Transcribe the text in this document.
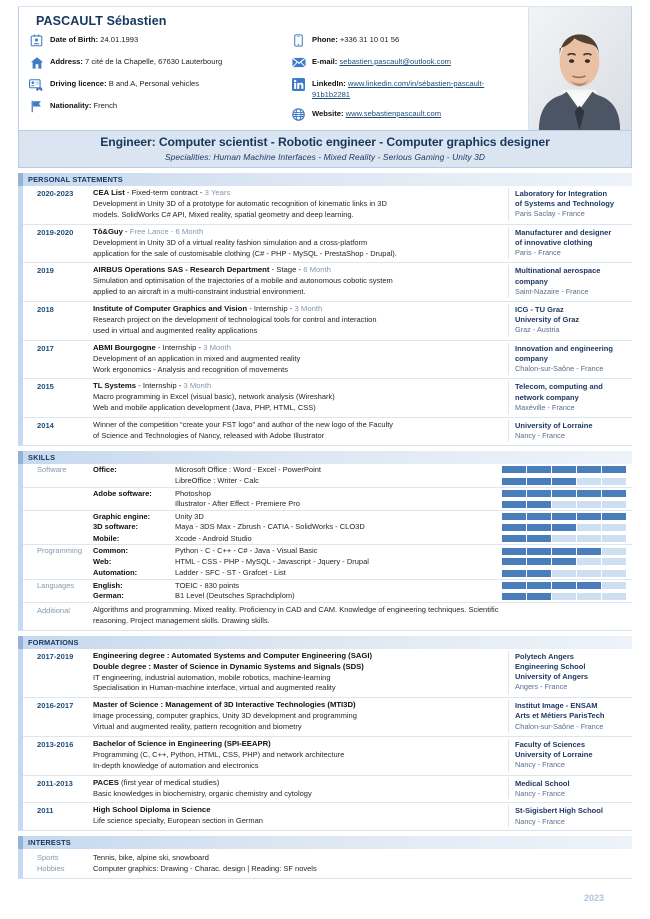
PASCAULT Sébastien
Date of Birth: 24.01.1993
Address: 7 cité de la Chapelle, 67630 Lauterbourg
Driving licence: B and A, Personal vehicles
Nationality: French
Phone: +336 31 10 01 56
E-mail: sebastien.pascault@outlook.com
LinkedIn: www.linkedin.com/in/sébastien-pascault-91b1b2281
Website: www.sebastienpascault.com
Engineer: Computer scientist - Robotic engineer - Computer graphics designer
Specialities: Human Machine Interfaces - Mixed Reality - Serious Gaming - Unity 3D
PERSONAL STATEMENTS
2020-2023	CEA List - Fixed-term contract - 3 Years
Development in Unity 3D of a prototype for automatic recognition of kinematic links in 3D
models. SolidWorks C# API, Mixed reality, spatial geometry and deep learning.
Laboratory for Integration
of Systems and Technology
Paris Saclay - France
2019-2020	Tô&Guy - Free Lance - 6 Month
Development in Unity 3D of a virtual reality fashion simulation and a cross-platform
application for the sale of customisable clothing (C# - PHP - MySQL - PrestaShop - Drupal).
Manufacturer and designer
of innovative clothing
Paris - France
2019	AIRBUS Operations SAS - Research Department - Stage - 6 Month
Simulation and optimisation of the trajectories of a mobile and autonomous cobotic system
applied to an aircraft in a multi-constraint industrial environment.
Multinational aerospace
company
Saint-Nazaire - France
2018	Institute of Computer Graphics and Vision - Internship - 3 Month
Research project on the development of technological tools for control and interaction
used in virtual and augmented reality applications
ICG - TU Graz
University of Graz
Graz - Austria
2017	ABMI Bourgogne - Internship - 3 Month
Development of an application in mixed and augmented reality
Work ergonomics - Analysis and recognition of movements
Innovation and engineering
company
Chalon-sur-Saône - France
2015	TL Systems - Internship - 3 Month
Macro programming in Excel (visual basic), network analysis (Wireshark)
Web and mobile application development (Java, PHP, HTML, CSS)
Telecom, computing and
network company
Maxéville - France
2014	Winner of the competition “create your FST logo” and author of the new logo of the Faculty
of Science and Technologies of Nancy, released with Adobe Illustrator
University of Lorraine
Nancy - France
SKILLS
Software	Office:	Microsoft Office : Word - Excel - PowerPoint
LibreOffice : Writer - Calc
Adobe software:	Photoshop
Illustrator - After Effect - Premiere Pro
Graphic engine:	Unity 3D
3D software:	Maya - 3DS Max - Zbrush - CATIA - SolidWorks - CLO3D
Mobile:	Xcode - Android Studio
Programming	Common:	Python - C - C++ - C# - Java - Visual Basic
Web:	HTML - CSS - PHP - MySQL - Javascript - Jquery - Drupal
Automation:	Ladder - SFC - ST - Grafcet - List
Languages	English:	TOEIC - 830 points
German:	B1 Level (Deutsches Sprachdiplom)
Additional	Algorithms and programming. Mixed reality. Proficiency in CAD and CAM. Knowledge of engineering techniques. Scientific
reasoning. Project management skills. Drawing skills.
FORMATIONS
2017-2019	Engineering degree : Automated Systems and Computer Engineering (SAGI)
Double degree : Master of Science in Dynamic Systems and Signals (SDS)
IT engineering, industrial automation, mobile robotics, machine-learning
Specialisation in Human-machine interface, virtual and augmented reality
Polytech Angers
Engineering School
University of Angers
Angers - France
2016-2017	Master of Science : Management of 3D Interactive Technologies (MTI3D)
Image processing, computer graphics, Unity 3D development and programming
Virtual and augmented reality, pattern recognition and biometry
Institut Image - ENSAM
Arts et Métiers ParisTech
Chalon-sur-Saône - France
2013-2016	Bachelor of Science in Engineering (SPI-EEAPR)
Programming (C, C++, Python, HTML, CSS, PHP) and network architecture
In-depth knowledge of automation and electronics
Faculty of Sciences
University of Lorraine
Nancy - France
2011-2013	PACES (first year of medical studies)
Basic knowledges in biochemistry, organic chemistry and cytology
Medical School
Nancy - France
2011	High School Diploma in Science
Life science specialty, European section in German
St-Sigisbert High School
Nancy - France
INTERESTS
Sports	Tennis, bike, alpine ski, snowboard
Hobbies	Computer graphics: Drawing - Charac. design | Reading: SF novels
2023
